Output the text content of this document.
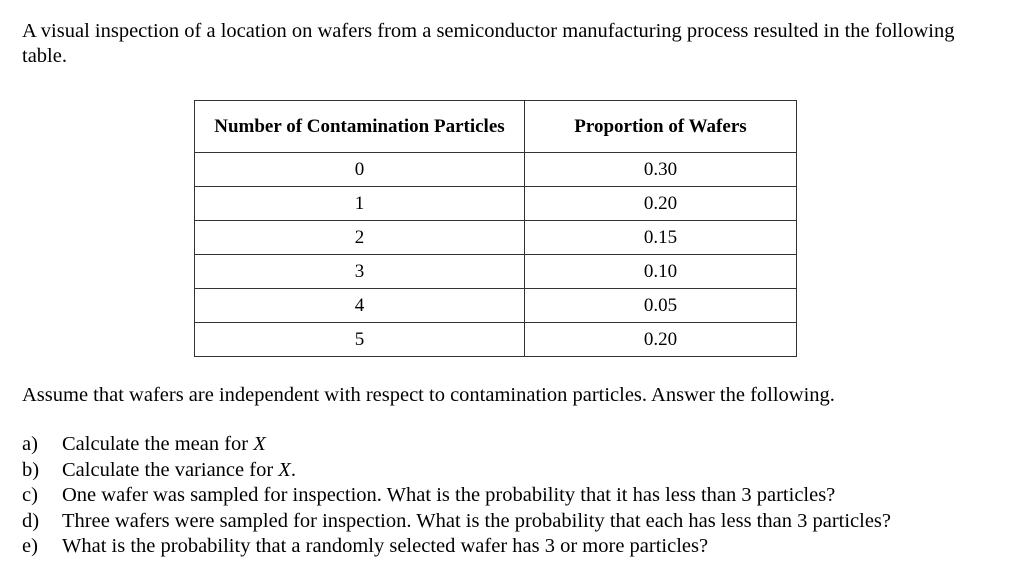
A visual inspection of a location on wafers from a semiconductor manufacturing process resulted in the following table.

Number of Contamination Particles	Proportion of Wafers
0	0.30
1	0.20
2	0.15
3	0.10
4	0.05
5	0.20

Assume that wafers are independent with respect to contamination particles. Answer the following.

a)	Calculate the mean for X
b)	Calculate the variance for X.
c)	One wafer was sampled for inspection. What is the probability that it has less than 3 particles?
d)	Three wafers were sampled for inspection. What is the probability that each has less than 3 particles?
e)	What is the probability that a randomly selected wafer has 3 or more particles?
